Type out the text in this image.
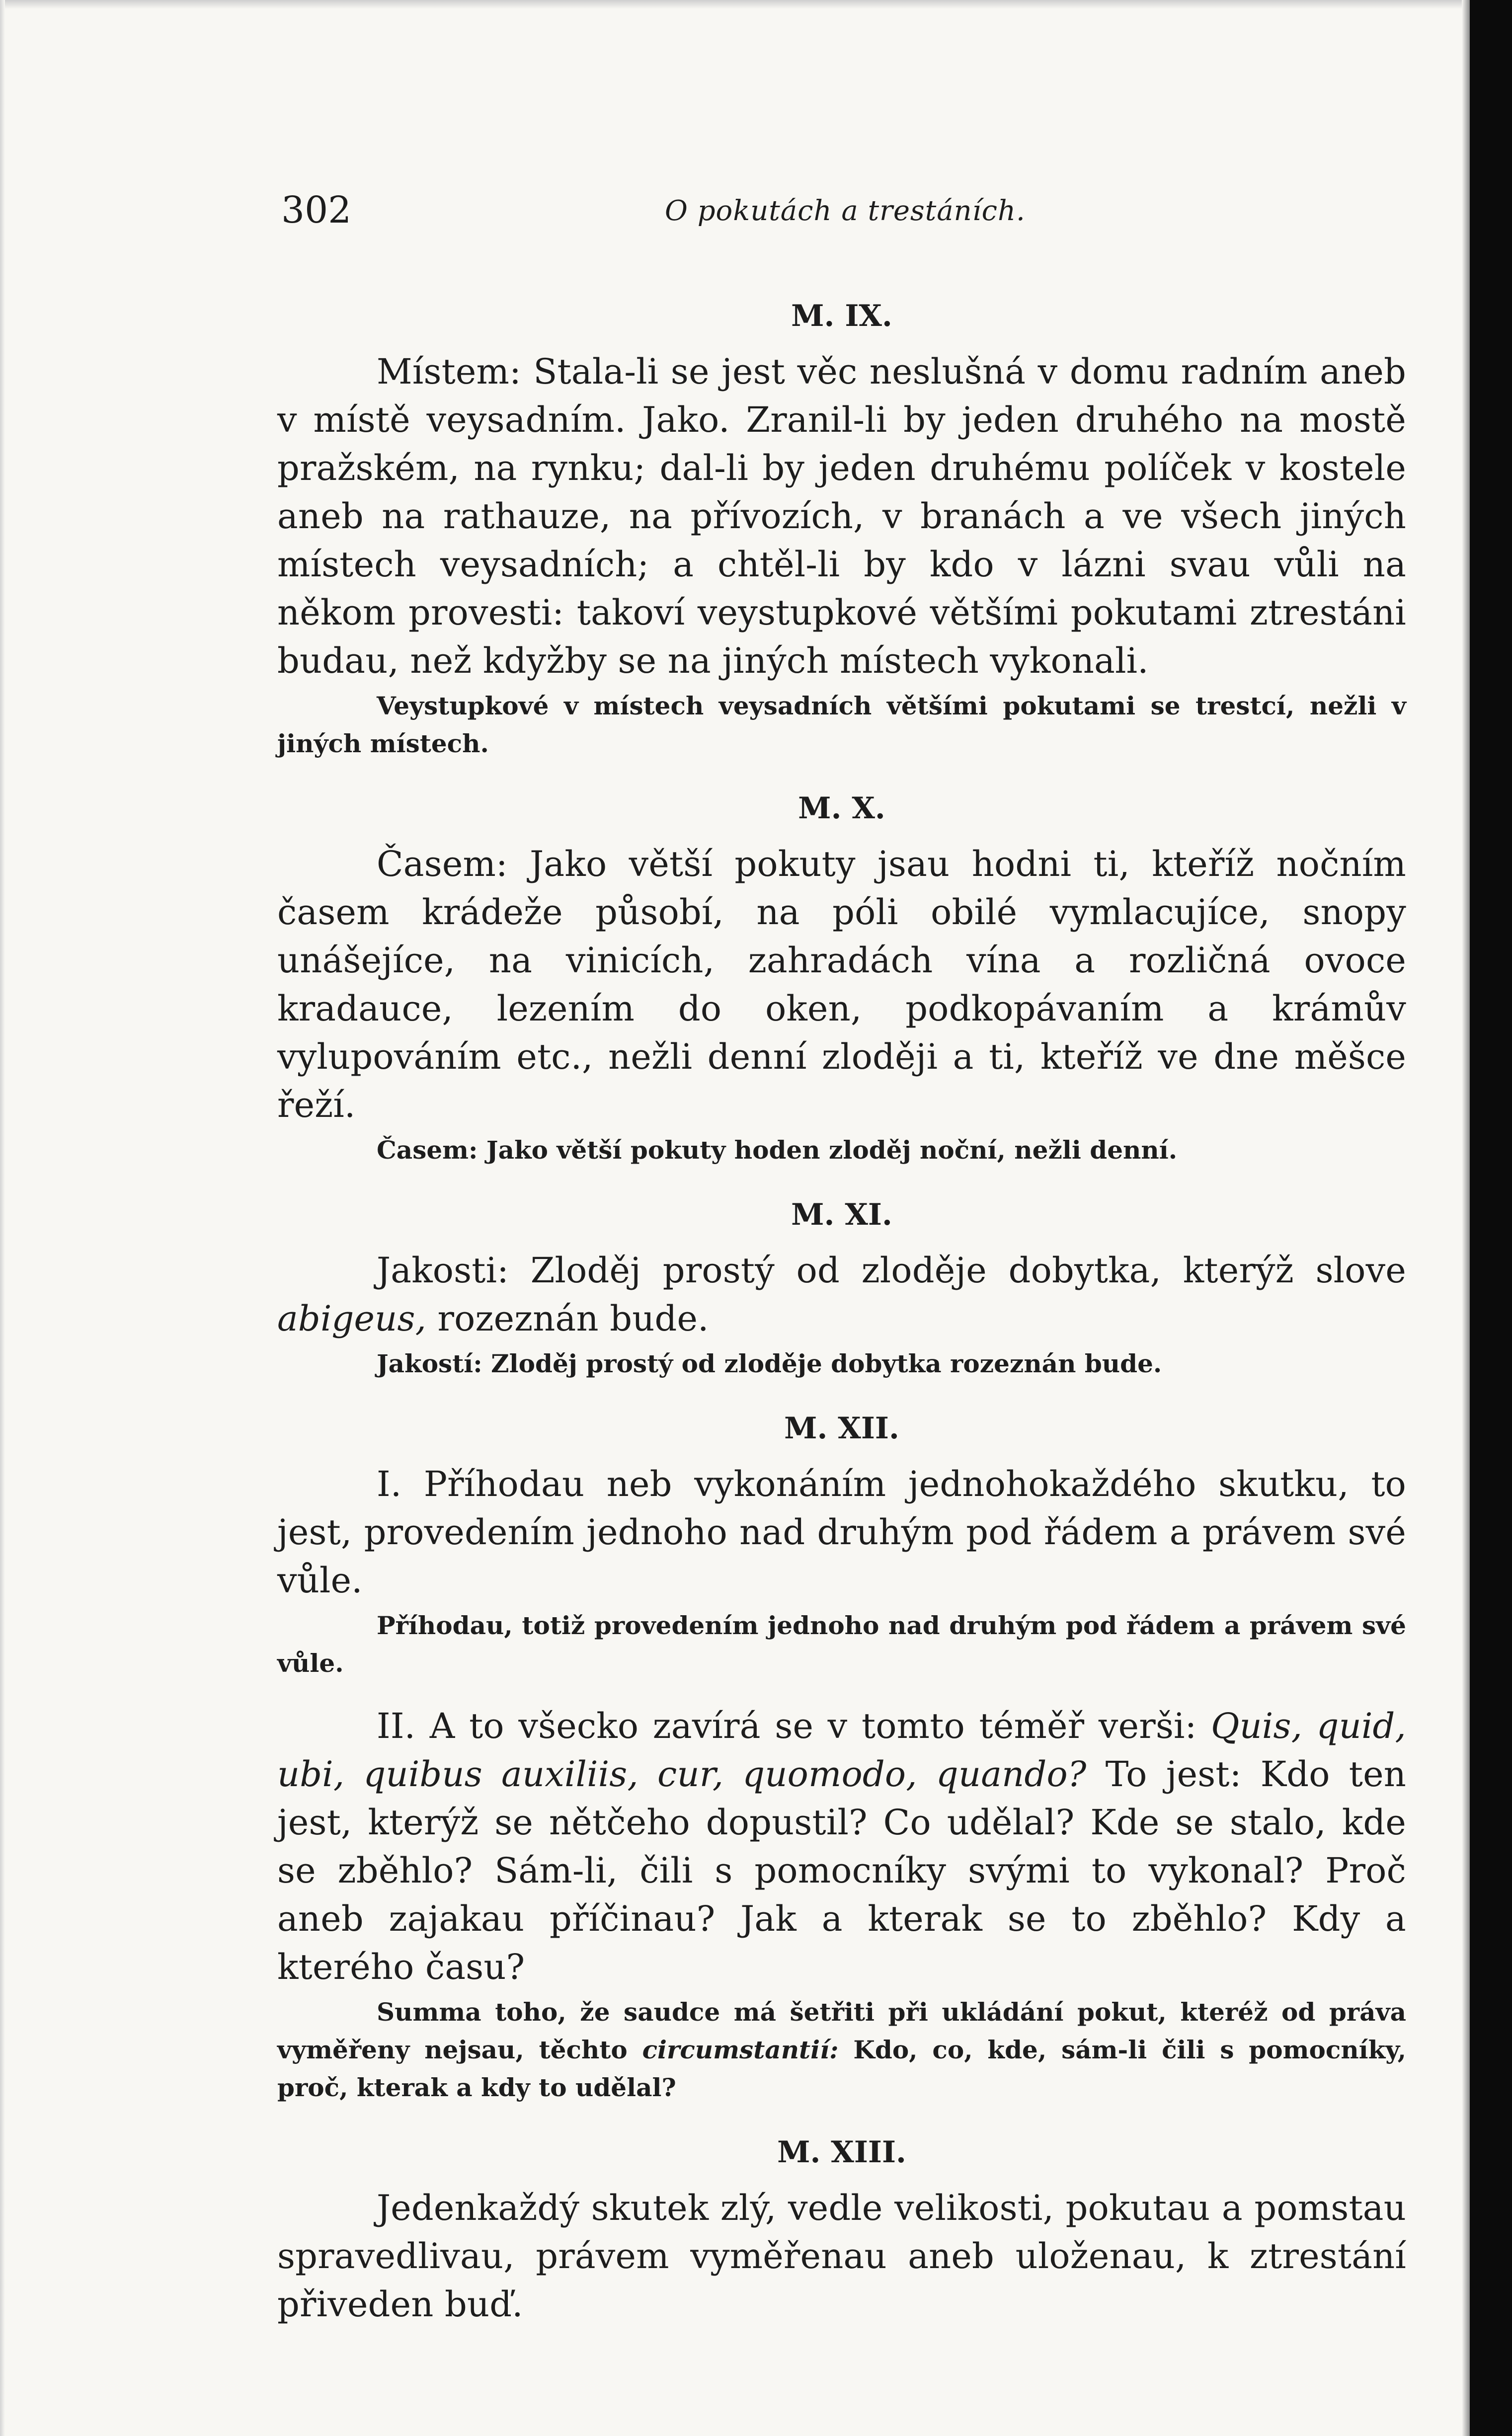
302	O pokutách a trestáních.
M. IX.

Místem: Stala-li se jest věc neslušná v domu radním aneb v místě veysadním. Jako. Zranil-li by jeden druhého na mostě pražském, na rynku; dal-li by jeden druhému políček v kostele aneb na rathauze, na přívozích, v branách a ve všech jiných místech veysadních; a chtěl-li by kdo v lázni svau vůli na někom provesti: takoví veystupkové většími pokutami ztrestáni budau, než kdyžby se na jiných místech vykonali.

Veystupkové v místech veysadních většími pokutami se trestcí, nežli v jiných místech.

M. X.

Časem: Jako větší pokuty jsau hodni ti, kteříž nočním časem krádeže působí, na póli obilé vymlacujíce, snopy unášejíce, na vinicích, zahradách vína a rozličná ovoce kradauce, lezením do oken, podkopávaním a krámův vylupováním etc., nežli denní zloději a ti, kteříž ve dne měšce řeží.

Časem: Jako větší pokuty hoden zloděj noční, nežli denní.

M. XI.

Jakosti: Zloděj prostý od zloděje dobytka, kterýž slove abigeus, rozeznán bude.

Jakostí: Zloděj prostý od zloděje dobytka rozeznán bude.

M. XII.

I. Příhodau neb vykonáním jednohokaždého skutku, to jest, provedením jednoho nad druhým pod řádem a právem své vůle.

Příhodau, totiž provedením jednoho nad druhým pod řádem a právem své vůle.

II. A to všecko zavírá se v tomto téměř verši: Quis, quid, ubi, quibus auxiliis, cur, quomodo, quando? To jest: Kdo ten jest, kterýž se nětčeho dopustil? Co udělal? Kde se stalo, kde se zběhlo? Sám-li, čili s pomocníky svými to vykonal? Proč aneb zajakau příčinau? Jak a kterak se to zběhlo? Kdy a kterého času?

Summa toho, že saudce má šetřiti při ukládání pokut, kteréž od práva vyměřeny nejsau, těchto circumstantií: Kdo, co, kde, sám-li čili s pomocníky, proč, kterak a kdy to udělal?

M. XIII.

Jedenkaždý skutek zlý, vedle velikosti, pokutau a pomstau spravedlivau, právem vyměřenau aneb uloženau, k ztrestání přiveden buď.
